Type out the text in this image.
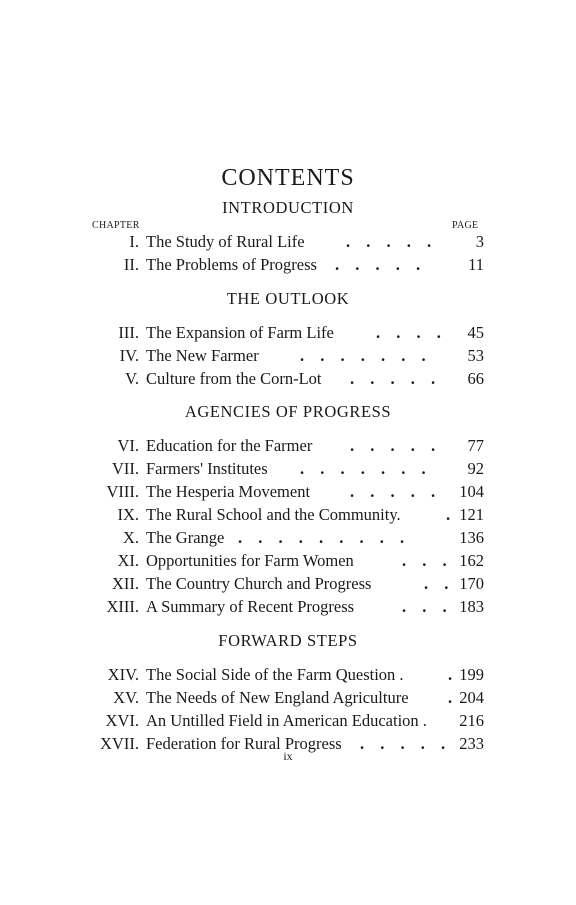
CONTENTS
INTRODUCTION
CHAPTER	PAGE
I. The Study of Rural Life	. . . . . 3
II. The Problems of Progress . . . . .	11
THE OUTLOOK
III. The Expansion of Farm Life	. . . . 45
IV. The New Farmer	. . . . . . . 53
V. Culture from the Corn-Lot . . . . . 66
AGENCIES OF PROGRESS
VI. Education for the Farmer . . . . . 77
VII. Farmers' Institutes . . . . . . . 92
VIII. The Hesperia Movement . . . . . 104
IX. The Rural School and the Community.	. 121
X. The Grange . . . . . . . . .	136
XI. Opportunities for Farm Women	. . . 162
XII. The Country Church and Progress	. . 170
XIII. A Summary of Recent Progress	. . . 183
FORWARD STEPS
XIV. The Social Side of the Farm Question .	. 199
XV. The Needs of New England Agriculture . 204
XVI. An Untilled Field in American Education . 216
XVII. Federation for Rural Progress . . . . . 233
ix
